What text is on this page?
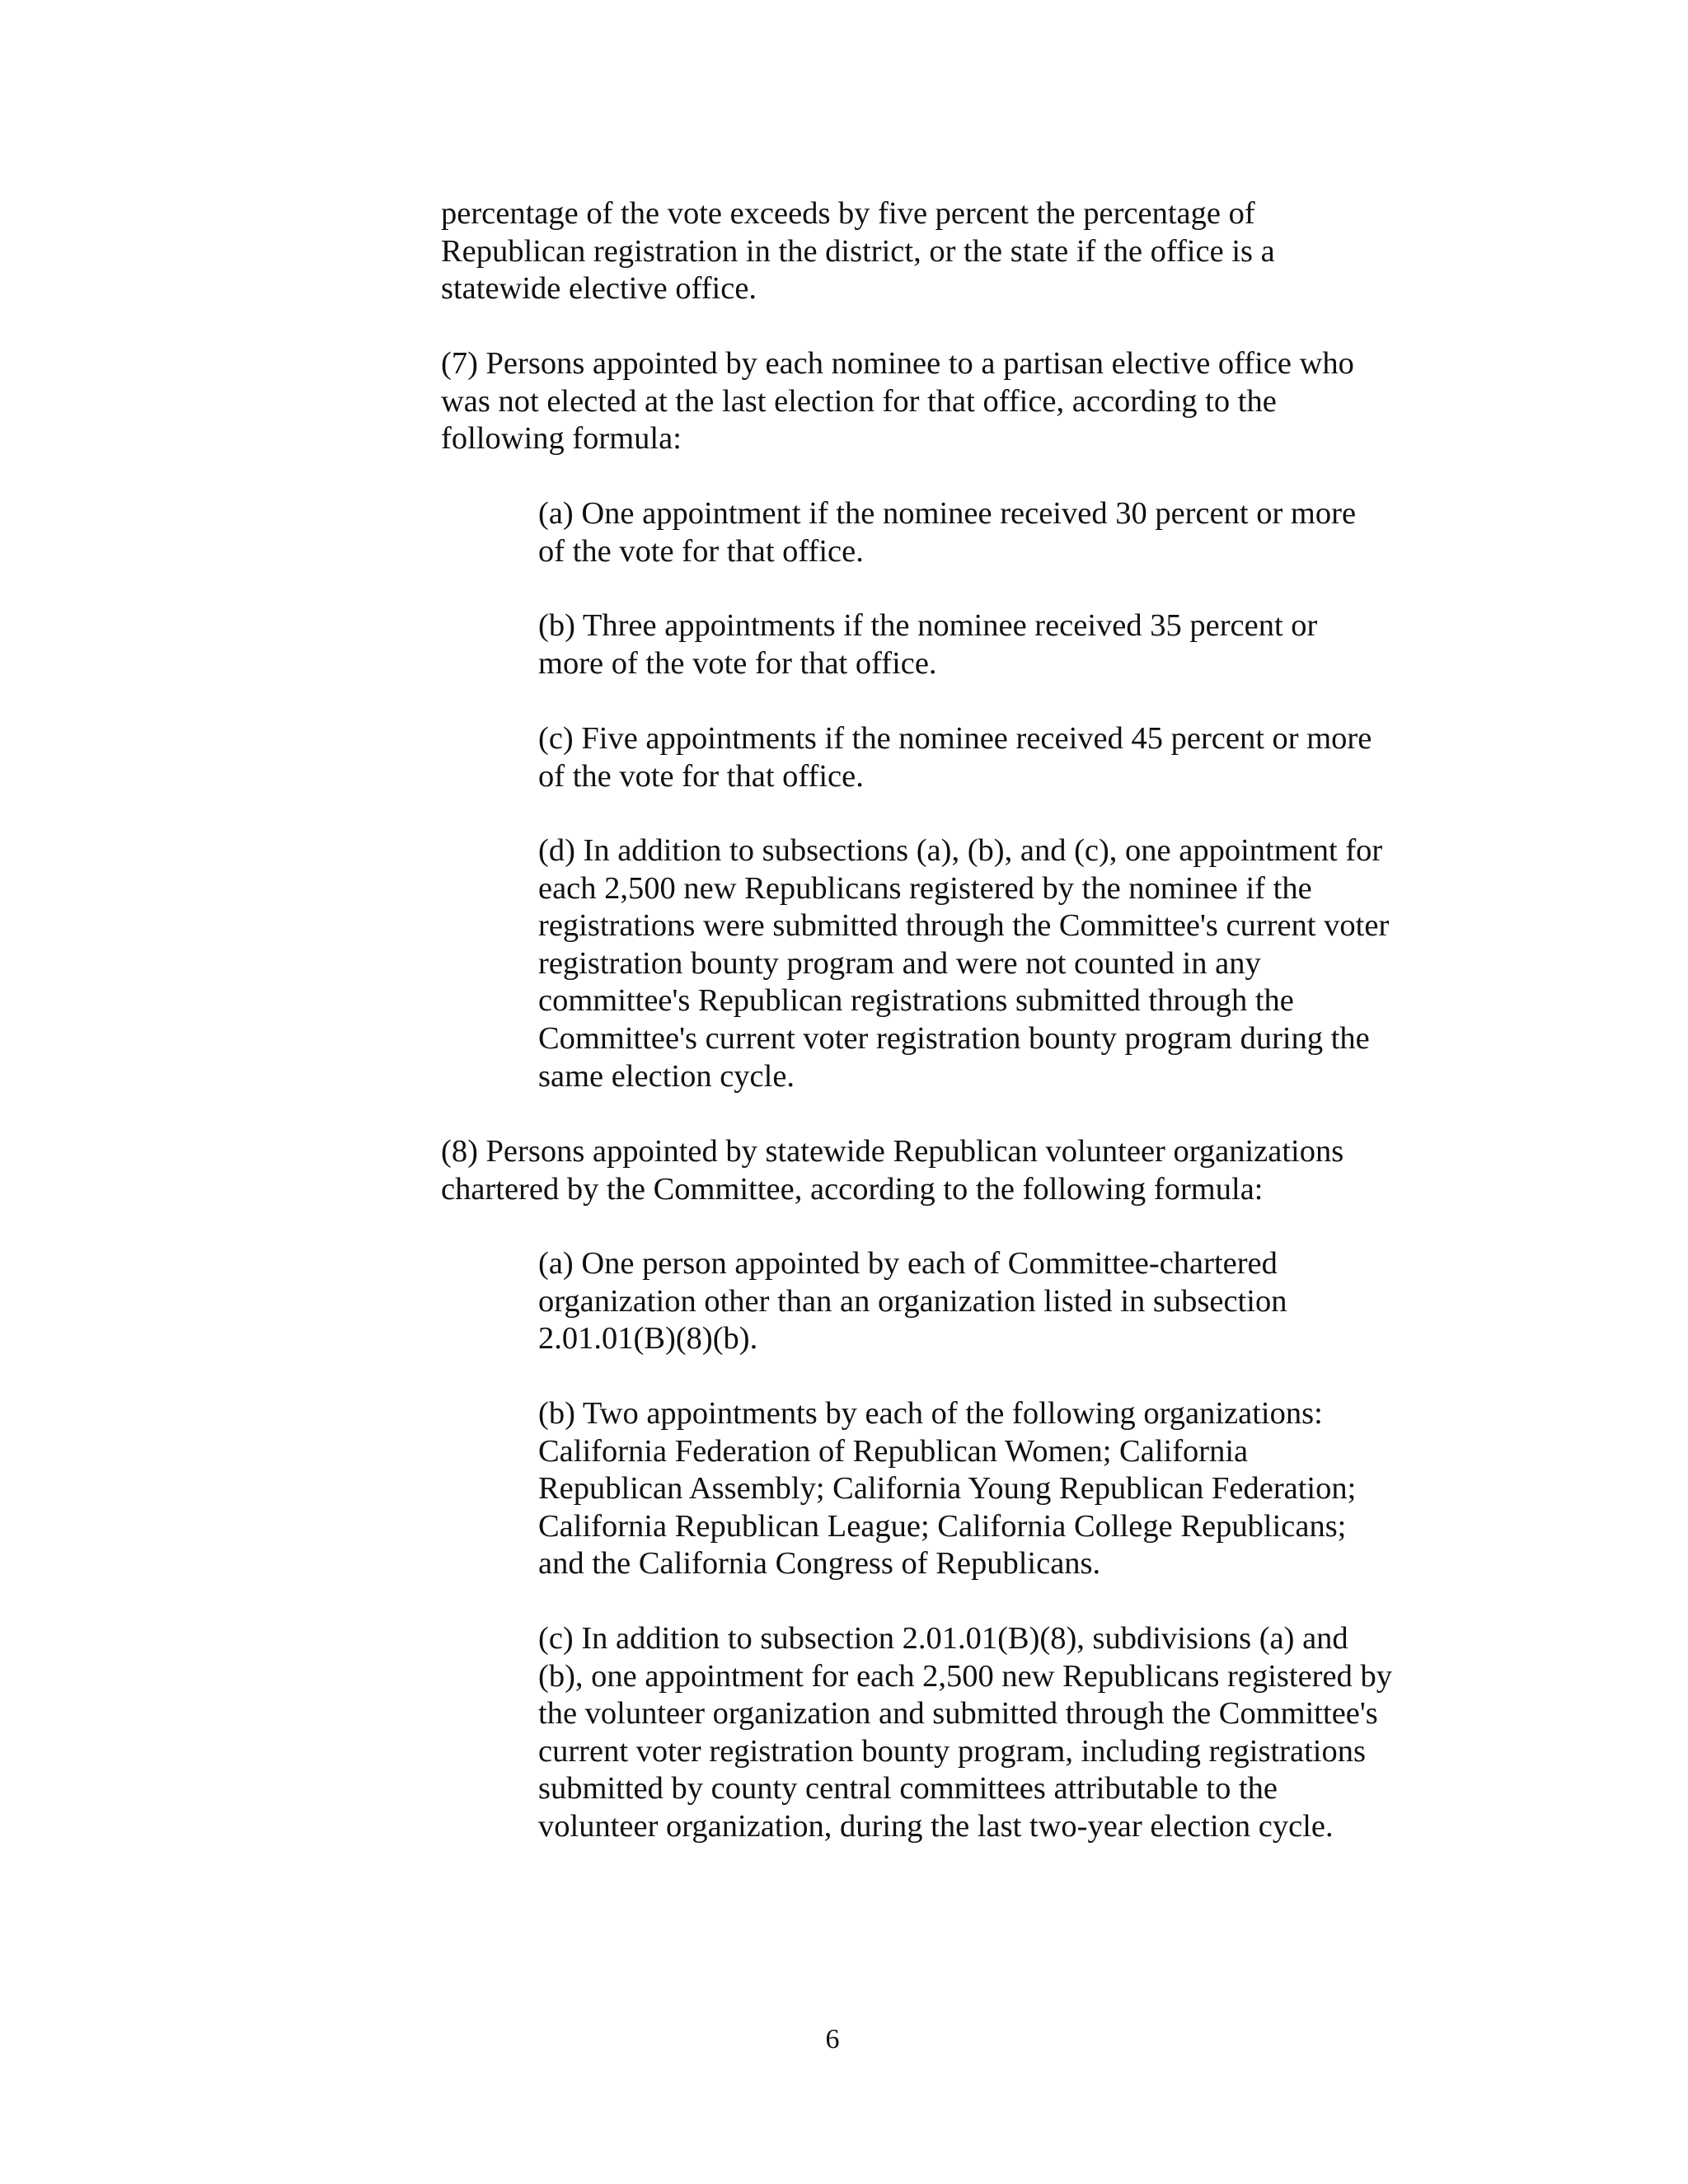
percentage of the vote exceeds by five percent the percentage of
Republican registration in the district, or the state if the office is a
statewide elective office.

(7) Persons appointed by each nominee to a partisan elective office who
was not elected at the last election for that office, according to the
following formula:

(a) One appointment if the nominee received 30 percent or more
of the vote for that office.

(b) Three appointments if the nominee received 35 percent or
more of the vote for that office.

(c) Five appointments if the nominee received 45 percent or more
of the vote for that office.

(d) In addition to subsections (a), (b), and (c), one appointment for
each 2,500 new Republicans registered by the nominee if the
registrations were submitted through the Committee's current voter
registration bounty program and were not counted in any
committee's Republican registrations submitted through the
Committee's current voter registration bounty program during the
same election cycle.

(8) Persons appointed by statewide Republican volunteer organizations
chartered by the Committee, according to the following formula:

(a) One person appointed by each of Committee-chartered
organization other than an organization listed in subsection
2.01.01(B)(8)(b).

(b) Two appointments by each of the following organizations:
California Federation of Republican Women; California
Republican Assembly; California Young Republican Federation;
California Republican League; California College Republicans;
and the California Congress of Republicans.

(c) In addition to subsection 2.01.01(B)(8), subdivisions (a) and
(b), one appointment for each 2,500 new Republicans registered by
the volunteer organization and submitted through the Committee's
current voter registration bounty program, including registrations
submitted by county central committees attributable to the
volunteer organization, during the last two-year election cycle.

6
